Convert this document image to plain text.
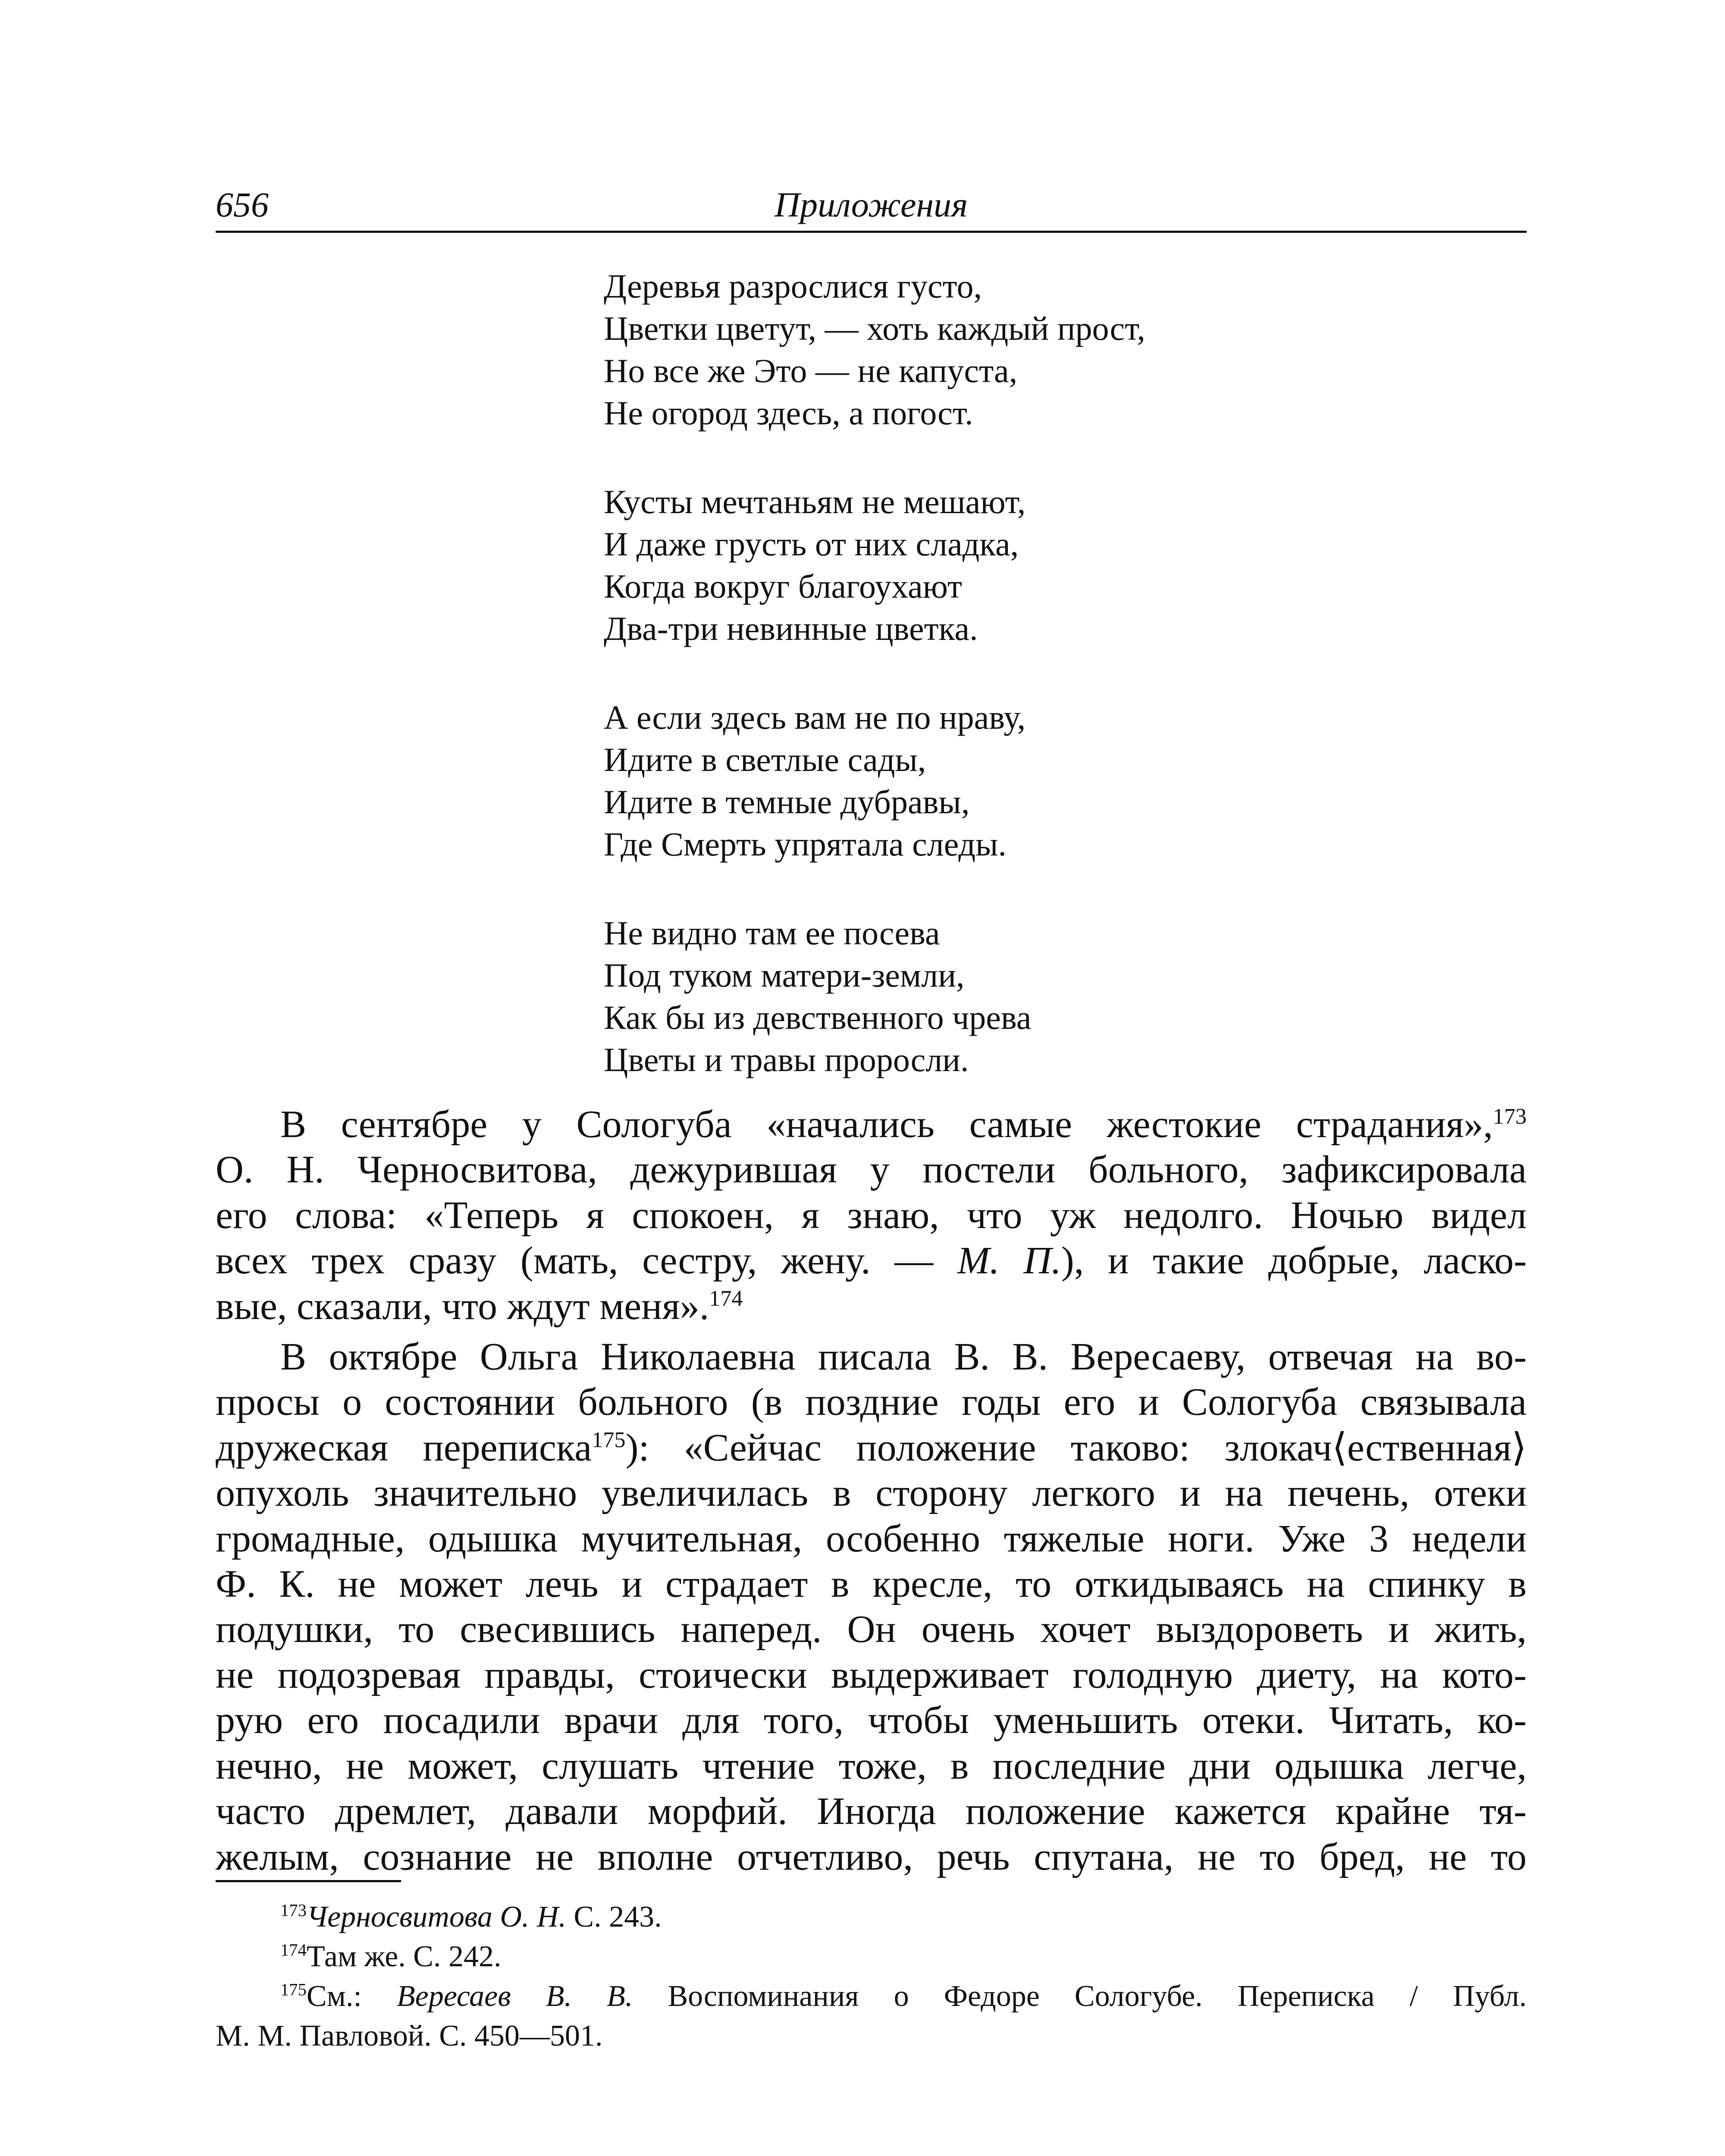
656	Приложения
Деревья разрослися густо,
Цветки цветут, — хоть каждый прост,
Но все же Это — не капуста,
Не огород здесь, а погост.
Кусты мечтаньям не мешают,
И даже грусть от них сладка,
Когда вокруг благоухают
Два-три невинные цветка.
А если здесь вам не по нраву,
Идите в светлые сады,
Идите в темные дубравы,
Где Смерть упрятала следы.
Не видно там ее посева
Под туком матери-земли,
Как бы из девственного чрева
Цветы и травы проросли.
В сентябре у Сологуба «начались самые жестокие страдания»,$^{173}$
О. Н. Черносвитова, дежурившая у постели больного, зафиксировала
его слова: «Теперь я спокоен, я знаю, что уж недолго. Ночью видел
всех трех сразу (мать, сестру, жену. — М. П.), и такие добрые, ласко-
вые, сказали, что ждут меня».$^{174}$
В октябре Ольга Николаевна писала В. В. Вересаеву, отвечая на во-
просы о состоянии больного (в поздние годы его и Сологуба связывала
дружеская переписка$^{175}$): «Сейчас положение таково: злокач⟨ественная⟩
опухоль значительно увеличилась в сторону легкого и на печень, отеки
громадные, одышка мучительная, особенно тяжелые ноги. Уже 3 недели
Ф. К. не может лечь и страдает в кресле, то откидываясь на спинку в
подушки, то свесившись наперед. Он очень хочет выздороветь и жить,
не подозревая правды, стоически выдерживает голодную диету, на кото-
рую его посадили врачи для того, чтобы уменьшить отеки. Читать, ко-
нечно, не может, слушать чтение тоже, в последние дни одышка легче,
часто дремлет, давали морфий. Иногда положение кажется крайне тя-
желым, сознание не вполне отчетливо, речь спутана, не то бред, не то
$^{173}$Черносвитова О. Н. С. 243.
$^{174}$Там же. С. 242.
$^{175}$См.: Вересаев В. В. Воспоминания о Федоре Сологубе. Переписка / Публ.
М. М. Павловой. С. 450—501.
